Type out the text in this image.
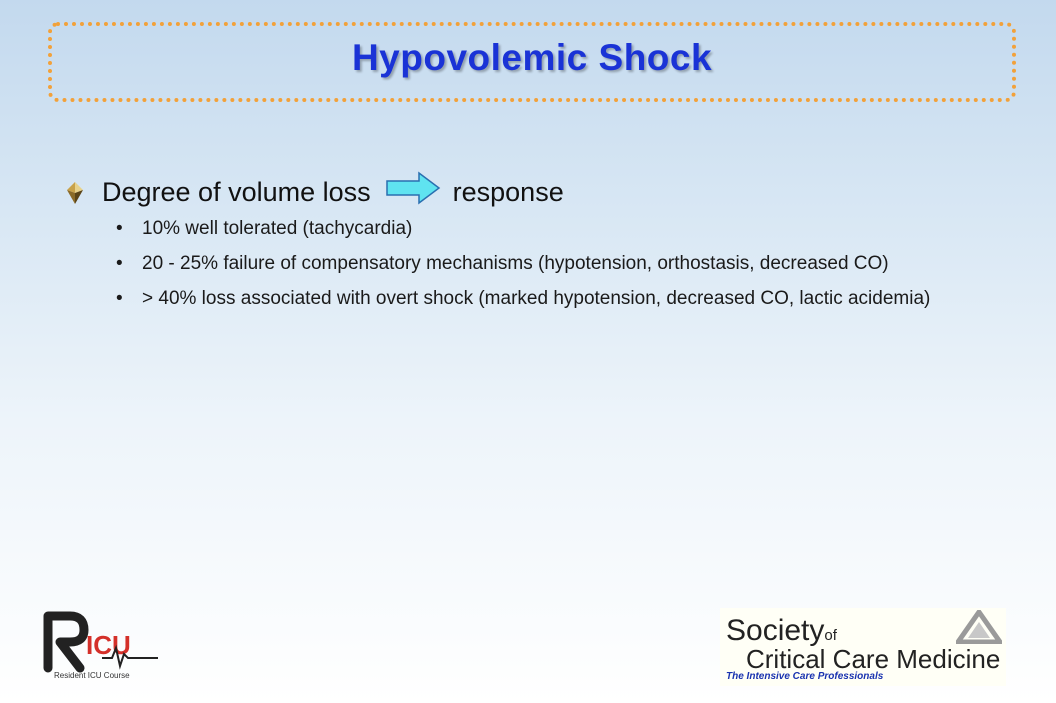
Hypovolemic Shock
Degree of volume loss	response
•	10% well tolerated (tachycardia)
•	20 - 25% failure of compensatory mechanisms (hypotension, orthostasis, decreased CO)
•	> 40% loss associated with overt shock (marked hypotension, decreased CO, lactic acidemia)
ICU
Resident ICU Course
Societyof
Critical Care Medicine
The Intensive Care Professionals
